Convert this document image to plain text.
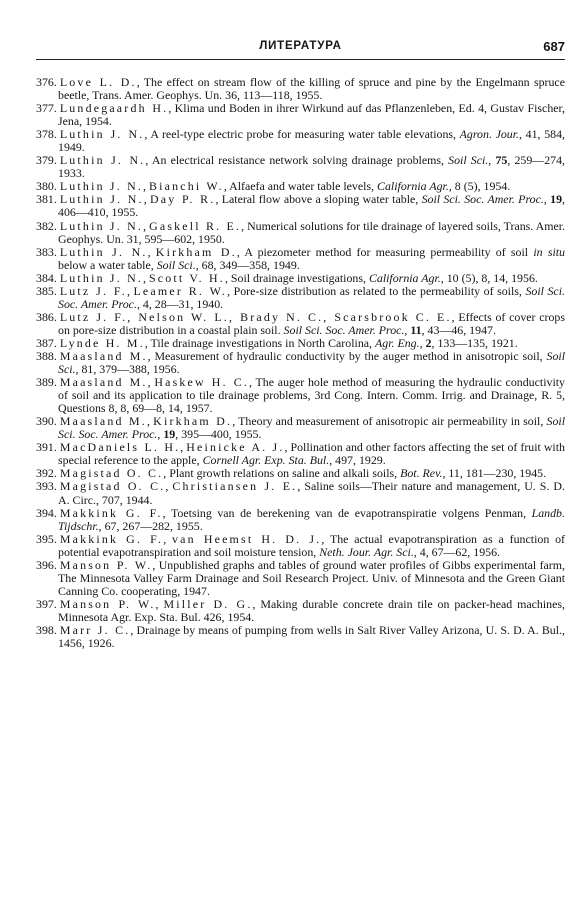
ЛИТЕРАТУРА	687
376. Love L. D., The effect on stream flow of the killing of spruce and pine by the Engelmann spruce beetle, Trans. Amer. Geophys. Un. 36, 113—118, 1955.
377. Lundegaardh H., Klima und Boden in ihrer Wirkund auf das Pflanzenleben, Ed. 4, Gustav Fischer, Jena, 1954.
378. Luthin J. N., A reel-type electric probe for measuring water table elevations, Agron. Jour., 41, 584, 1949.
379. Luthin J. N., An electrical resistance network solving drainage problems, Soil Sci., 75, 259—274, 1933.
380. Luthin J. N., Bianchi W., Alfaefa and water table levels, California Agr., 8 (5), 1954.
381. Luthin J. N., Day P. R., Lateral flow above a sloping water table, Soil Sci. Soc. Amer. Proc., 19, 406—410, 1955.
382. Luthin J. N., Gaskell R. E., Numerical solutions for tile drainage of layered soils, Trans. Amer. Geophys. Un. 31, 595—602, 1950.
383. Luthin J. N., Kirkham D., A piezometer method for measuring permeability of soil in situ below a water table, Soil Sci., 68, 349—358, 1949.
384. Luthin J. N., Scott V. H., Soil drainage investigations, California Agr., 10 (5), 8, 14, 1956.
385. Lutz J. F., Leamer R. W., Pore-size distribution as related to the permeability of soils, Soil Sci. Soc. Amer. Proc., 4, 28—31, 1940.
386. Lutz J. F., Nelson W. L., Brady N. C., Scarsbrook C. E., Effects of cover crops on pore-size distribution in a coastal plain soil. Soil Sci. Soc. Amer. Proc., 11, 43—46, 1947.
387. Lynde H. M., Tile drainage investigations in North Carolina, Agr. Eng., 2, 133—135, 1921.
388. Maasland M., Measurement of hydraulic conductivity by the auger method in anisotropic soil, Soil Sci., 81, 379—388, 1956.
389. Maasland M., Haskew H. C., The auger hole method of measuring the hydraulic conductivity of soil and its application to tile drainage problems, 3rd Cong. Intern. Comm. Irrig. and Drainage, R. 5, Questions 8, 8, 69—8, 14, 1957.
390. Maasland M., Kirkham D., Theory and measurement of anisotropic air permeability in soil, Soil Sci. Soc. Amer. Proc., 19, 395—400, 1955.
391. MacDaniels L. H., Heinicke A. J., Pollination and other factors affecting the set of fruit with special reference to the apple, Cornell Agr. Exp. Sta. Bul., 497, 1929.
392. Magistad O. C., Plant growth relations on saline and alkali soils, Bot. Rev., 11, 181—230, 1945.
393. Magistad O. C., Christiansen J. E., Saline soils—Their nature and management, U. S. D. A. Circ., 707, 1944.
394. Makkink G. F., Toetsing van de berekening van de evapotranspiratie volgens Penman, Landb. Tijdschr., 67, 267—282, 1955.
395. Makkink G. F., van Heemst H. D. J., The actual evapotranspiration as a function of potential evapotranspiration and soil moisture tension, Neth. Jour. Agr. Sci., 4, 67—62, 1956.
396. Manson P. W., Unpublished graphs and tables of ground water profiles of Gibbs experimental farm, The Minnesota Valley Farm Drainage and Soil Research Project. Univ. of Minnesota and the Green Giant Canning Co. cooperating, 1947.
397. Manson P. W., Miller D. G., Making durable concrete drain tile on packer-head machines, Minnesota Agr. Exp. Sta. Bul. 426, 1954.
398. Marr J. C., Drainage by means of pumping from wells in Salt River Valley Arizona, U. S. D. A. Bul., 1456, 1926.
